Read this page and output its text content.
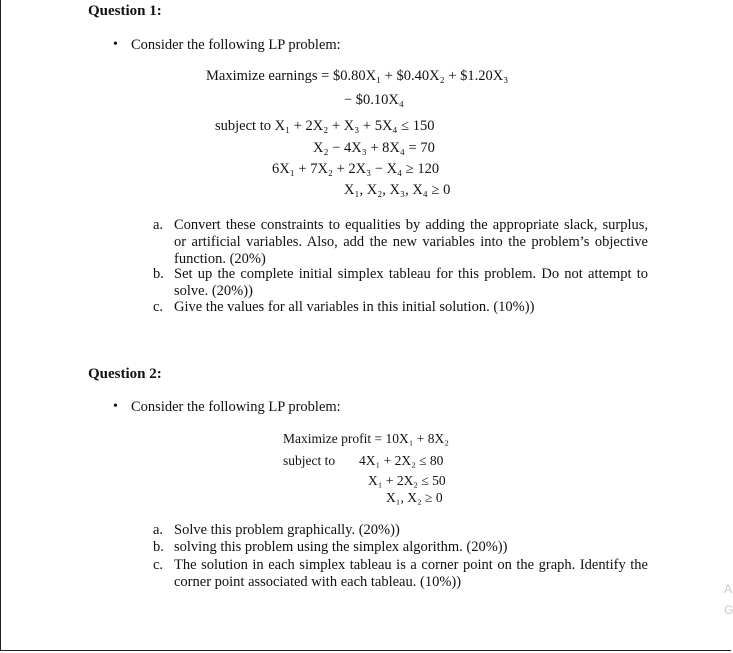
Question 1:
• Consider the following LP problem:
Maximize earnings = $0.80X₁ + $0.40X₂ + $1.20X₃
− $0.10X₄
subject to X₁ + 2X₂ + X₃ + 5X₄ ≤ 150
X₂ − 4X₃ + 8X₄ = 70
6X₁ + 7X₂ + 2X₃ − X₄ ≥ 120
X₁, X₂, X₃, X₄ ≥ 0
a. Convert these constraints to equalities by adding the appropriate slack, surplus, or artificial variables. Also, add the new variables into the problem’s objective function. (20%)
b. Set up the complete initial simplex tableau for this problem. Do not attempt to solve. (20%))
c. Give the values for all variables in this initial solution. (10%))
Question 2:
• Consider the following LP problem:
Maximize profit = 10X₁ + 8X₂
subject to 4X₁ + 2X₂ ≤ 80
X₁ + 2X₂ ≤ 50
X₁, X₂ ≥ 0
a. Solve this problem graphically. (20%))
b. solving this problem using the simplex algorithm. (20%))
c. The solution in each simplex tableau is a corner point on the graph. Identify the corner point associated with each tableau. (10%))	A
G
